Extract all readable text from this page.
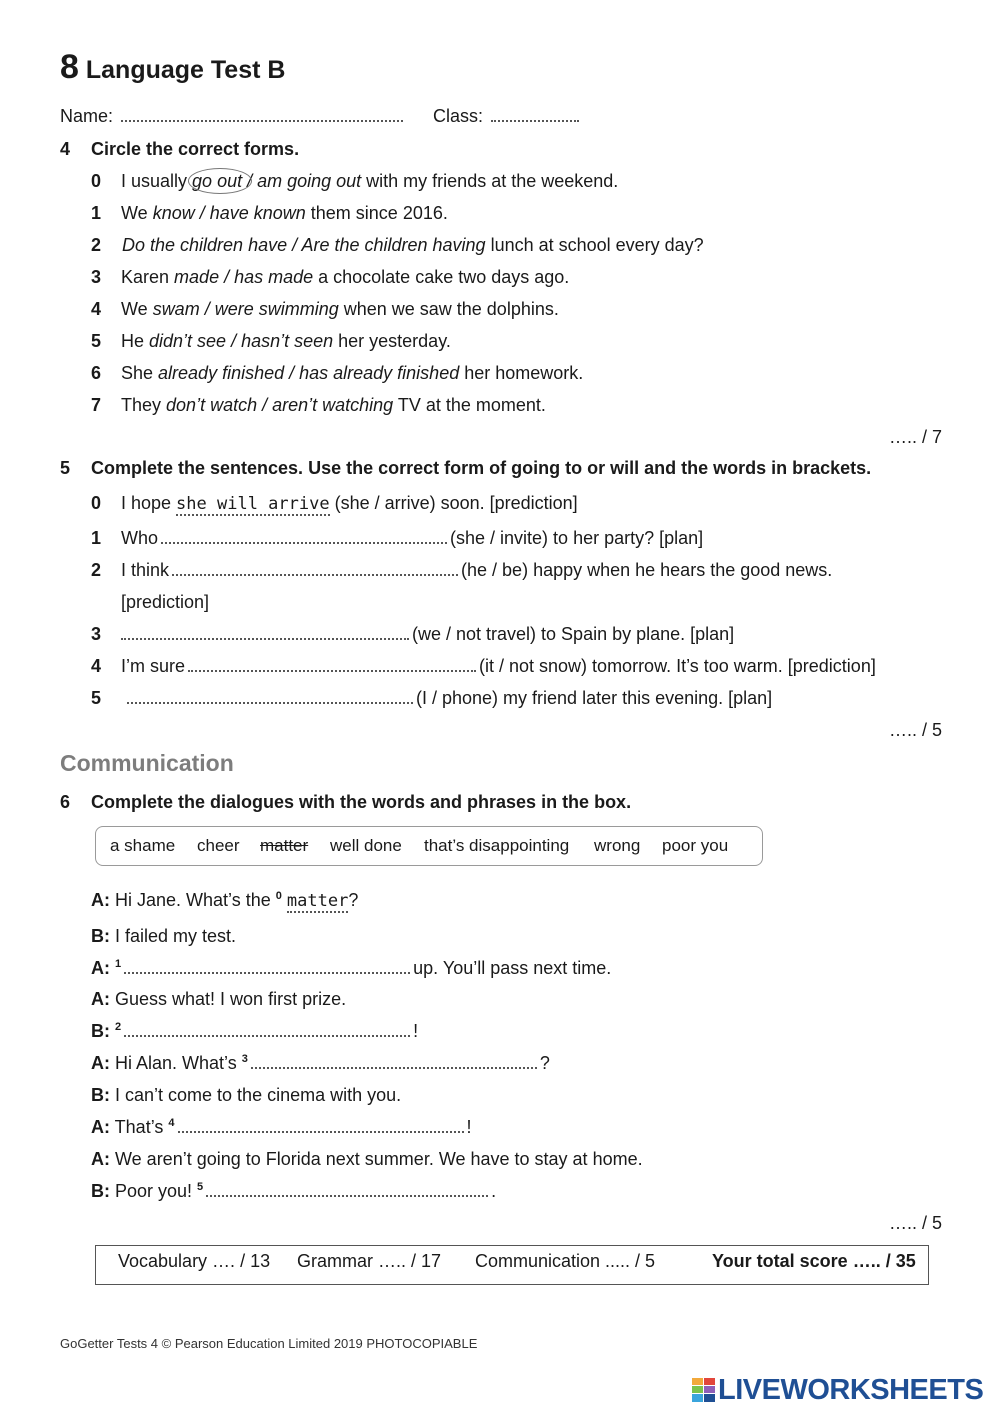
8 Language Test B
Name:	Class:
4 Circle the correct forms.
0 I usually go out / am going out with my friends at the weekend.
1 We know / have known them since 2016.
2 Do the children have / Are the children having lunch at school every day?
3 Karen made / has made a chocolate cake two days ago.
4 We swam / were swimming when we saw the dolphins.
5 He didn’t see / hasn’t seen her yesterday.
6 She already finished / has already finished her homework.
7 They don’t watch / aren’t watching TV at the moment.
….. / 7
5 Complete the sentences. Use the correct form of going to or will and the words in brackets.
0 I hope she will arrive (she / arrive) soon. [prediction]
1 Who	(she / invite) to her party? [plan]
2 I think	(he / be) happy when he hears the good news.
[prediction]
3	(we / not travel) to Spain by plane. [plan]
4 I’m sure	(it / not snow) tomorrow. It’s too warm. [prediction]
5	(I / phone) my friend later this evening. [plan]
….. / 5
Communication
6 Complete the dialogues with the words and phrases in the box.
a shame cheer matter well done that’s disappointing wrong poor you
A: Hi Jane. What’s the $^0$ matter?
B: I failed my test.
A: $^1$	up. You’ll pass next time.
A: Guess what! I won first prize.
B: $^2$	!
A: Hi Alan. What’s $^3$	?
B: I can’t come to the cinema with you.
A: That’s $^4$	!
A: We aren’t going to Florida next summer. We have to stay at home.
B: Poor you! $^5$	.
….. / 5
Vocabulary …. / 13 Grammar ….. / 17 Communication ..... / 5	Your total score ….. / 35
GoGetter Tests 4 © Pearson Education Limited 2019 PHOTOCOPIABLE
LIVEWORKSHEETS
